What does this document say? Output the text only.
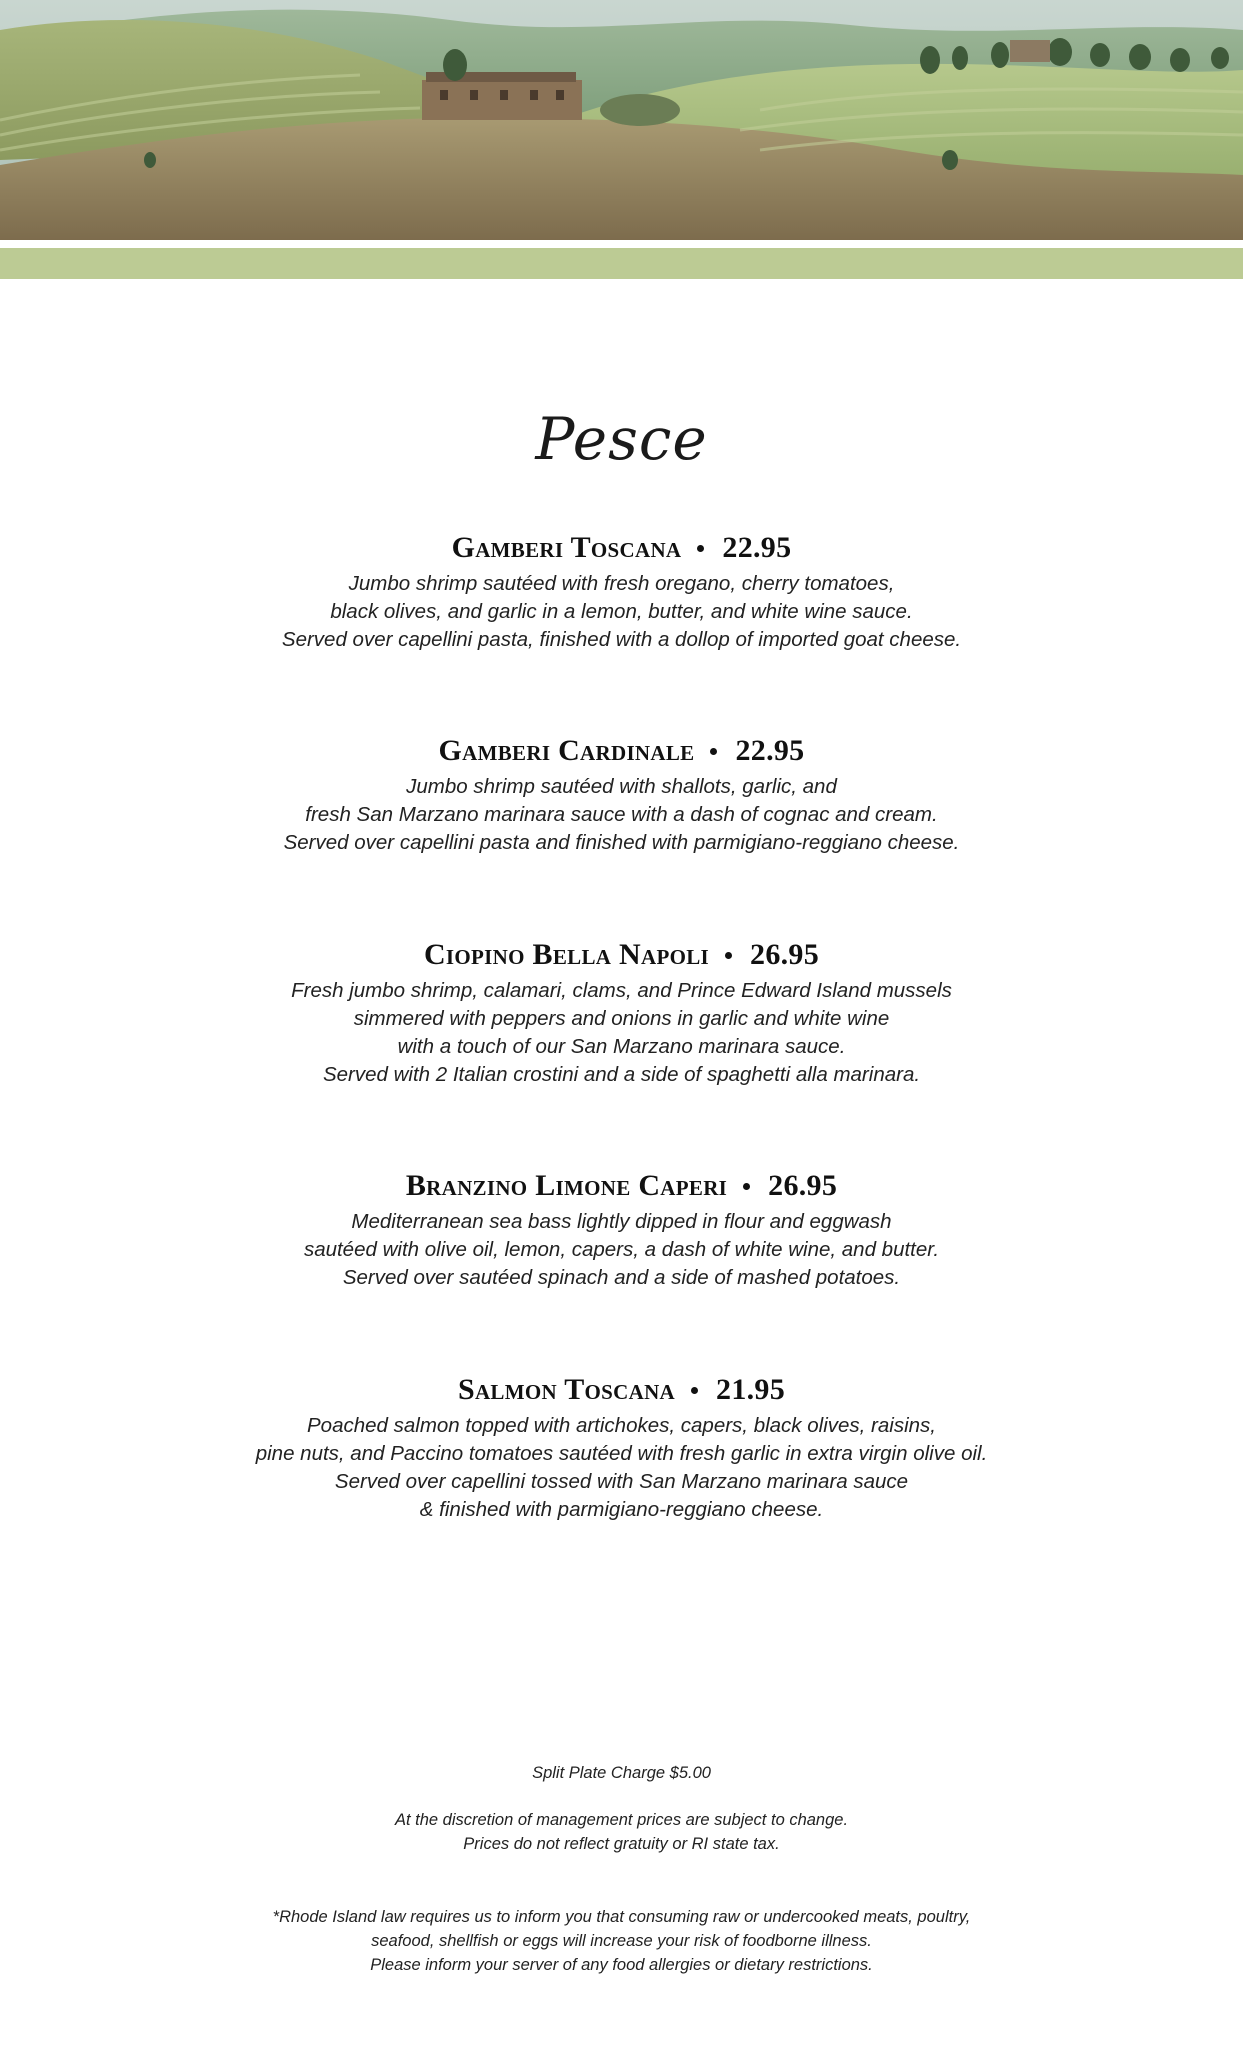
Pesce
Gamberi Toscana 22.95
Jumbo shrimp sautéed with fresh oregano, cherry tomatoes,
black olives, and garlic in a lemon, butter, and white wine sauce.
Served over capellini pasta, finished with a dollop of imported goat cheese.
Gamberi Cardinale 22.95
Jumbo shrimp sautéed with shallots, garlic, and
fresh San Marzano marinara sauce with a dash of cognac and cream.
Served over capellini pasta and finished with parmigiano-reggiano cheese.
Ciopino Bella Napoli 26.95
Fresh jumbo shrimp, calamari, clams, and Prince Edward Island mussels
simmered with peppers and onions in garlic and white wine
with a touch of our San Marzano marinara sauce.
Served with 2 Italian crostini and a side of spaghetti alla marinara.
Branzino Limone Caperi 26.95
Mediterranean sea bass lightly dipped in flour and eggwash
sautéed with olive oil, lemon, capers, a dash of white wine, and butter.
Served over sautéed spinach and a side of mashed potatoes.
Salmon Toscana 21.95
Poached salmon topped with artichokes, capers, black olives, raisins,
pine nuts, and Paccino tomatoes sautéed with fresh garlic in extra virgin olive oil.
Served over capellini tossed with San Marzano marinara sauce
& finished with parmigiano-reggiano cheese.
Split Plate Charge $5.00
At the discretion of management prices are subject to change.
Prices do not reflect gratuity or RI state tax.
*Rhode Island law requires us to inform you that consuming raw or undercooked meats, poultry,
seafood, shellfish or eggs will increase your risk of foodborne illness.
Please inform your server of any food allergies or dietary restrictions.
